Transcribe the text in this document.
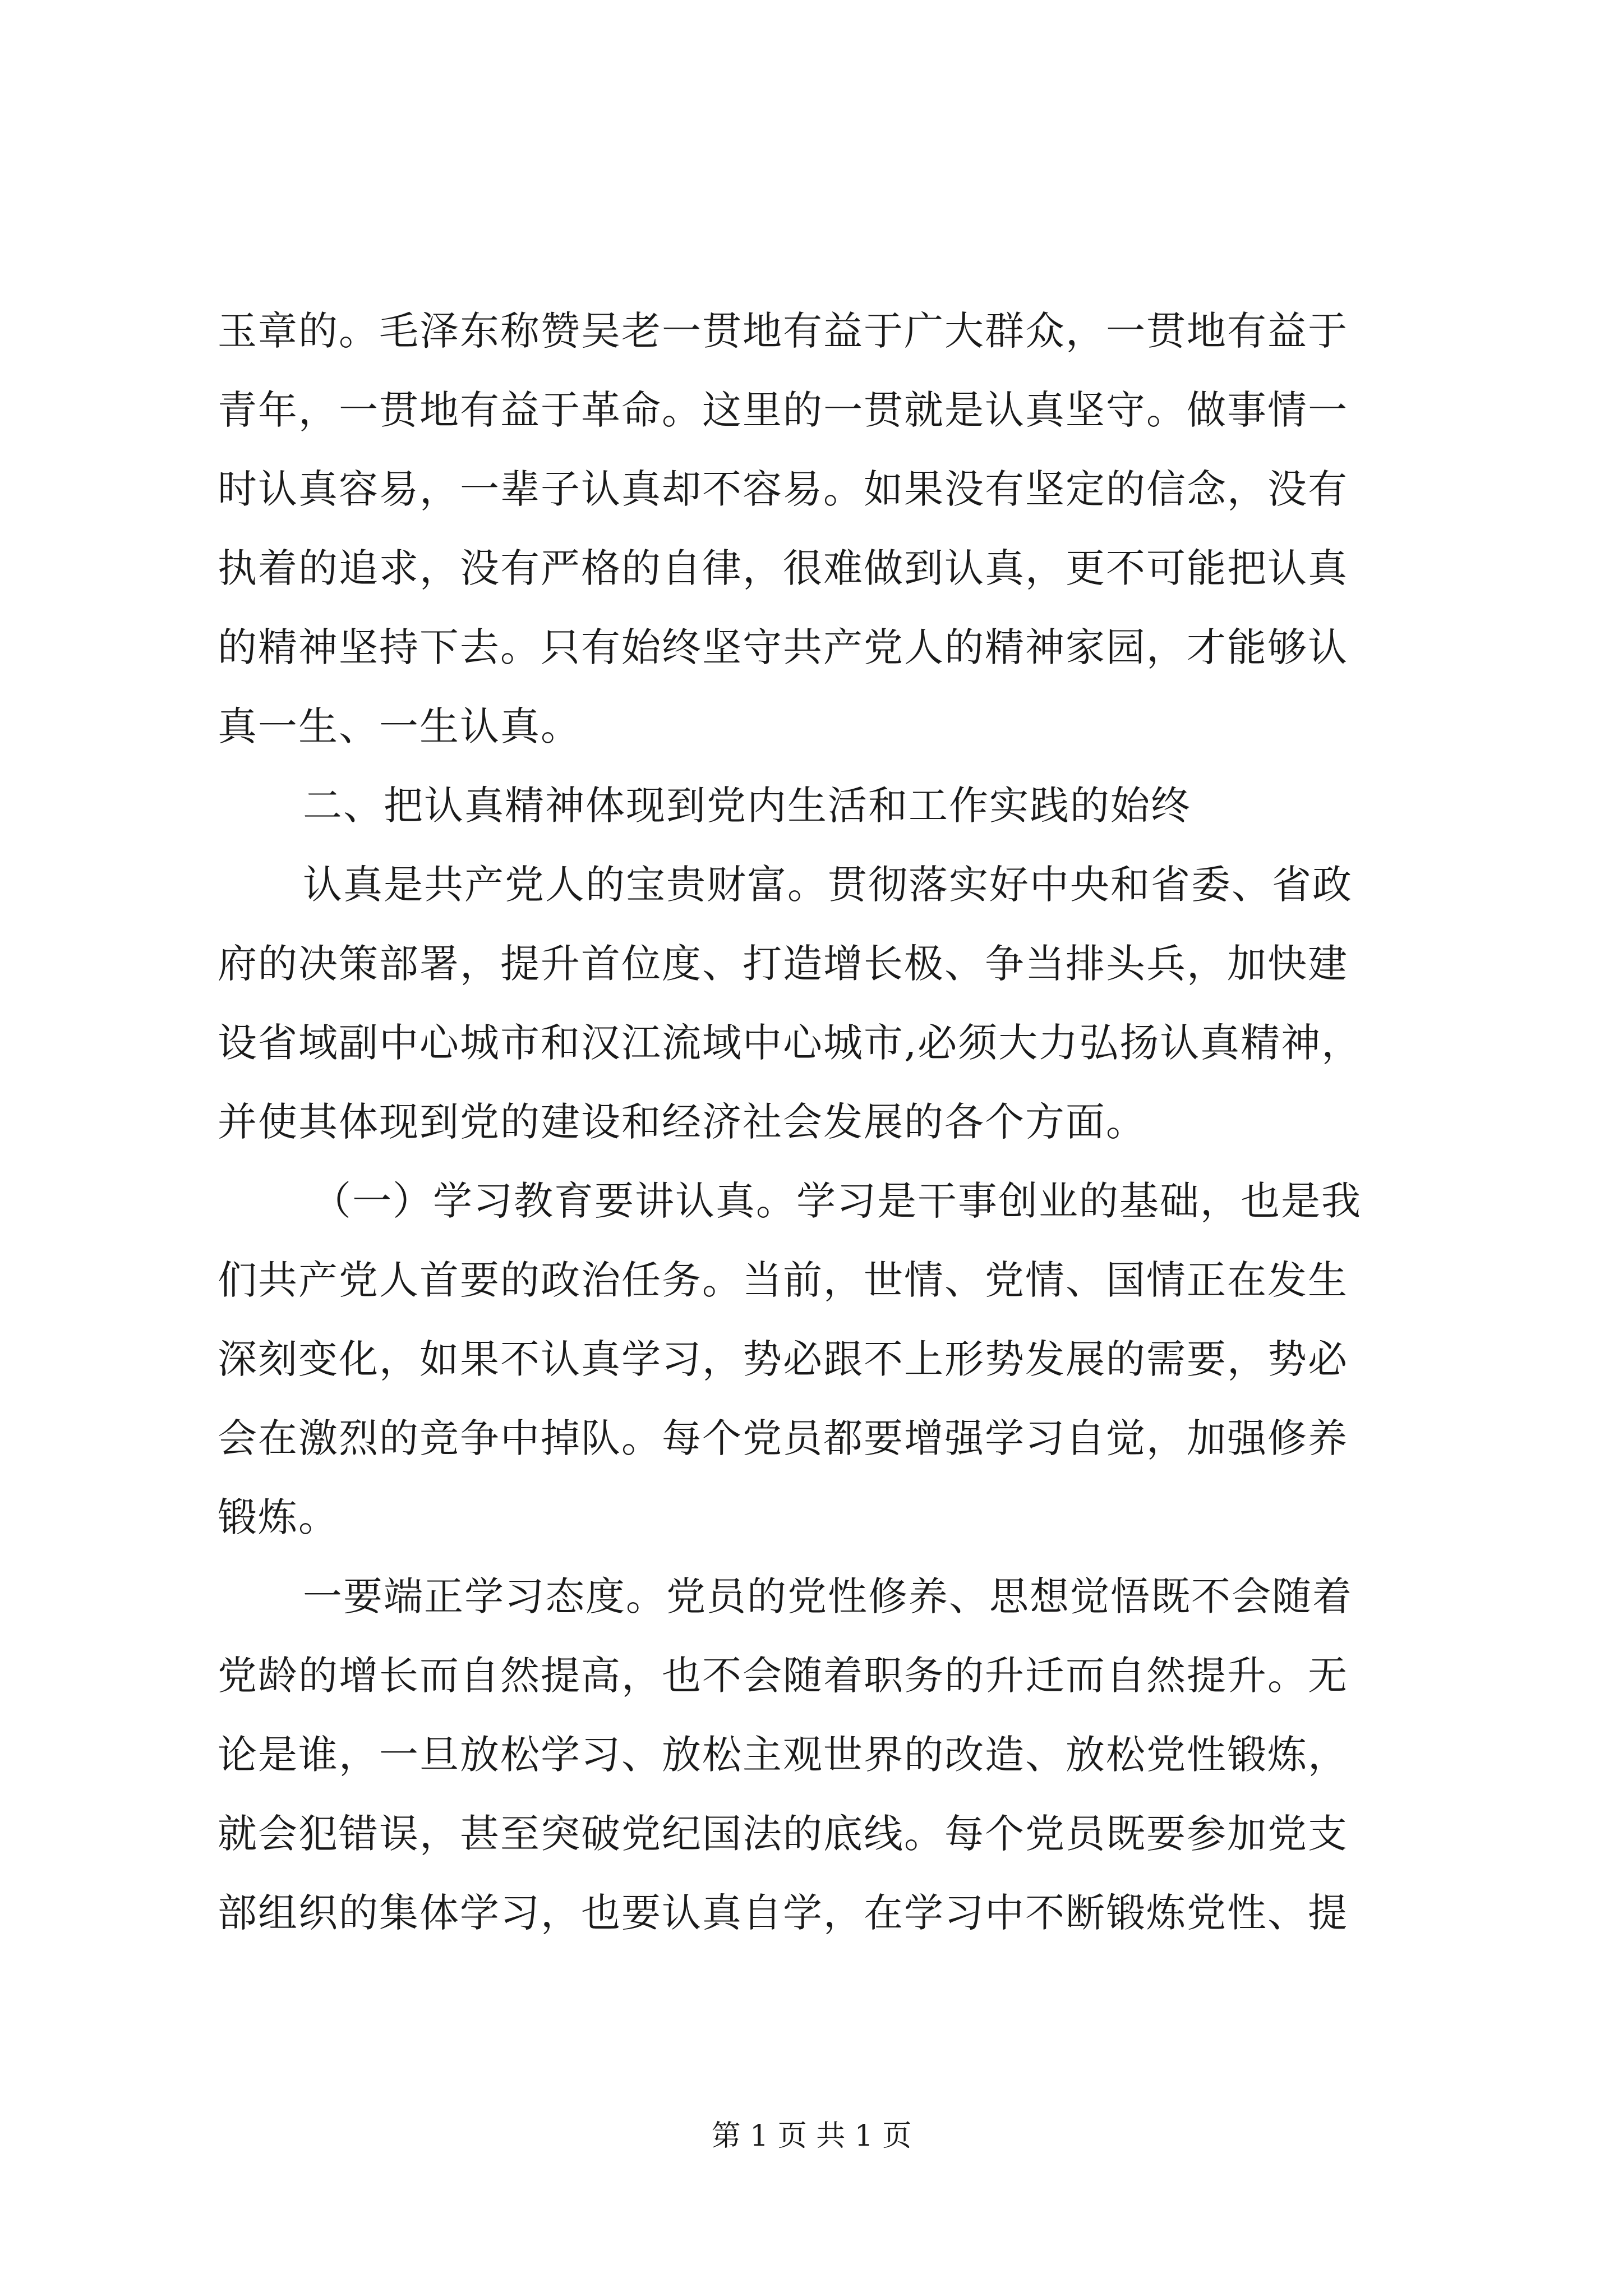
玉章的。毛泽东称赞吴老一贯地有益于广大群众，一贯地有益于
青年，一贯地有益于革命。这里的一贯就是认真坚守。做事情一
时认真容易，一辈子认真却不容易。如果没有坚定的信念，没有
执着的追求，没有严格的自律，很难做到认真，更不可能把认真
的精神坚持下去。只有始终坚守共产党人的精神家园，才能够认
真一生、一生认真。
二、把认真精神体现到党内生活和工作实践的始终
认真是共产党人的宝贵财富。贯彻落实好中央和省委、省政
府的决策部署，提升首位度、打造增长极、争当排头兵，加快建
设省域副中心城市和汉江流域中心城市,必须大力弘扬认真精神，
并使其体现到党的建设和经济社会发展的各个方面。
（一）学习教育要讲认真。学习是干事创业的基础，也是我
们共产党人首要的政治任务。当前，世情、党情、国情正在发生
深刻变化，如果不认真学习，势必跟不上形势发展的需要，势必
会在激烈的竞争中掉队。每个党员都要增强学习自觉，加强修养
锻炼。
一要端正学习态度。党员的党性修养、思想觉悟既不会随着
党龄的增长而自然提高，也不会随着职务的升迁而自然提升。无
论是谁，一旦放松学习、放松主观世界的改造、放松党性锻炼，
就会犯错误，甚至突破党纪国法的底线。每个党员既要参加党支
部组织的集体学习，也要认真自学，在学习中不断锻炼党性、提
第 1 页 共 1 页
